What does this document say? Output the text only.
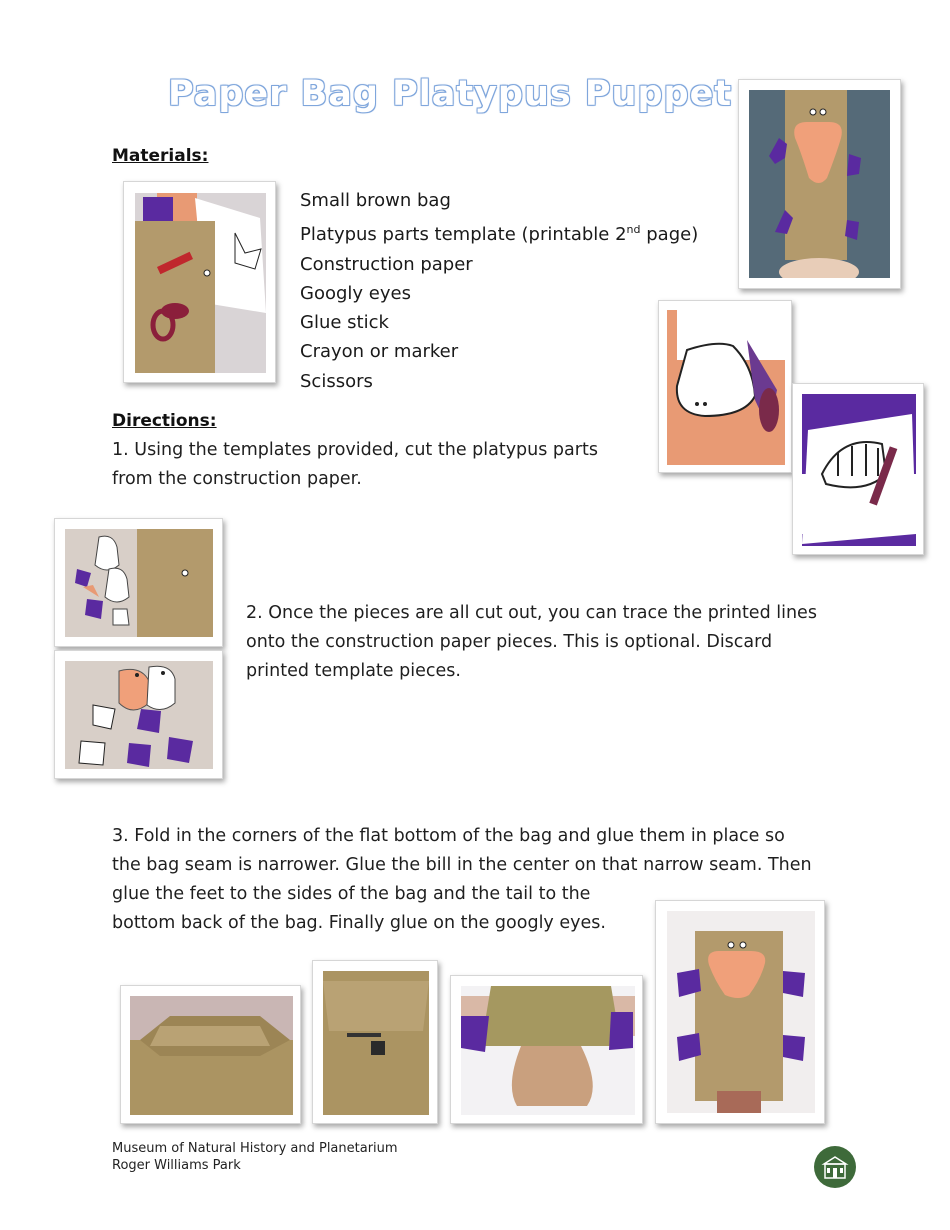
Paper Bag Platypus Puppet
Materials:
Small brown bag
Platypus parts template (printable 2nd page)
Construction paper
Googly eyes
Glue stick
Crayon or marker
Scissors
Directions:
1. Using the templates provided, cut the platypus parts
from the construction paper.
2. Once the pieces are all cut out, you can trace the printed lines
onto the construction paper pieces. This is optional. Discard
printed template pieces.
3. Fold in the corners of the flat bottom of the bag and glue them in place so
the bag seam is narrower. Glue the bill in the center on that narrow seam. Then
glue the feet to the sides of the bag and the tail to the
bottom back of the bag. Finally glue on the googly eyes.
Museum of Natural History and Planetarium
Roger Williams Park
